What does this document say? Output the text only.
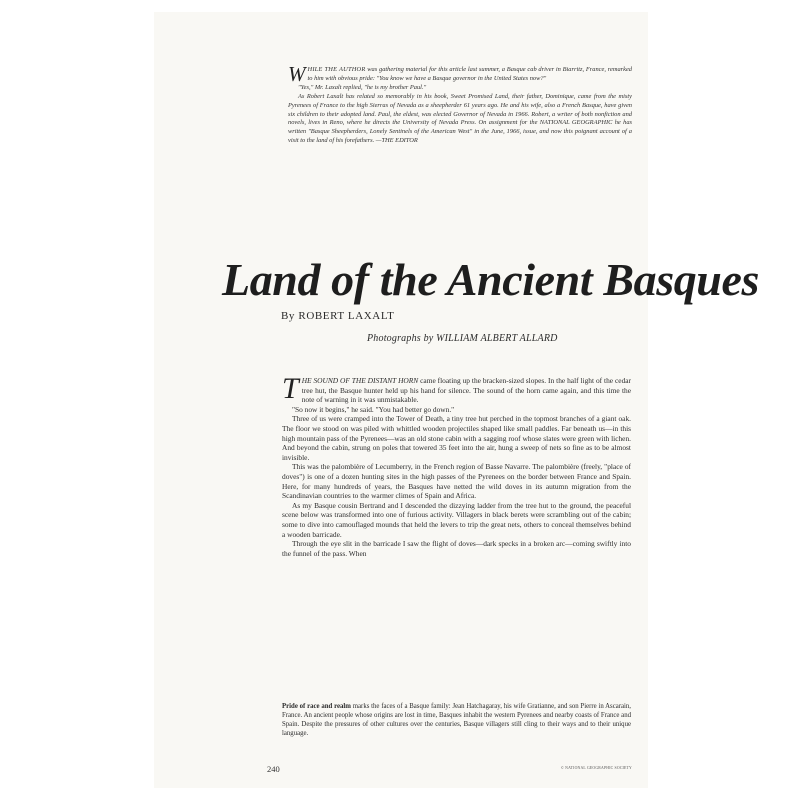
WHILE THE AUTHOR was gathering material for this article last summer, a Basque cab driver in Biarritz, France, remarked to him with obvious pride: "You know we have a Basque governor in the United States now?"

"Yes," Mr. Laxalt replied, "he is my brother Paul."

As Robert Laxalt has related so memorably in his book, Sweet Promised Land, their father, Dominique, came from the misty Pyrenees of France to the high Sierras of Nevada as a sheepherder 61 years ago. He and his wife, also a French Basque, have given six children to their adopted land. Paul, the eldest, was elected Governor of Nevada in 1966. Robert, a writer of both nonfiction and novels, lives in Reno, where he directs the University of Nevada Press. On assignment for the NATIONAL GEOGRAPHIC he has written "Basque Sheepherders, Lonely Sentinels of the American West" in the June, 1966, issue, and now this poignant account of a visit to the land of his forefathers. —THE EDITOR

Land of the Ancient Basques
By ROBERT LAXALT
Photographs by WILLIAM ALBERT ALLARD

THE SOUND OF THE DISTANT HORN came floating up the bracken-sized slopes. In the half light of the cedar tree hut, the Basque hunter held up his hand for silence. The sound of the horn came again, and this time the note of warning in it was unmistakable.

"So now it begins," he said. "You had better go down."

Three of us were cramped into the Tower of Death, a tiny tree hut perched in the topmost branches of a giant oak. The floor we stood on was piled with whittled wooden projectiles shaped like small paddles. Far beneath us—in this high mountain pass of the Pyrenees—was an old stone cabin with a sagging roof whose slates were green with lichen. And beyond the cabin, strung on poles that towered 35 feet into the air, hung a sweep of nets so fine as to be almost invisible.

This was the palombière of Lecumberry, in the French region of Basse Navarre. The palombière (freely, "place of doves") is one of a dozen hunting sites in the high passes of the Pyrenees on the border between France and Spain. Here, for many hundreds of years, the Basques have netted the wild doves in its autumn migration from the Scandinavian countries to the warmer climes of Spain and Africa.

As my Basque cousin Bertrand and I descended the dizzying ladder from the tree hut to the ground, the peaceful scene below was transformed into one of furious activity. Villagers in black berets were scrambling out of the cabin; some to dive into camouflaged mounds that held the levers to trip the great nets, others to conceal themselves behind a wooden barricade.

Through the eye slit in the barricade I saw the flight of doves—dark specks in a broken arc—coming swiftly into the funnel of the pass. When

Pride of race and realm marks the faces of a Basque family: Jean Hatchagaray, his wife Gratianne, and son Pierre in Ascarain, France. An ancient people whose origins are lost in time, Basques inhabit the western Pyrenees and nearby coasts of France and Spain. Despite the pressures of other cultures over the centuries, Basque villagers still cling to their ways and to their unique language.
© NATIONAL GEOGRAPHIC SOCIETY
240
